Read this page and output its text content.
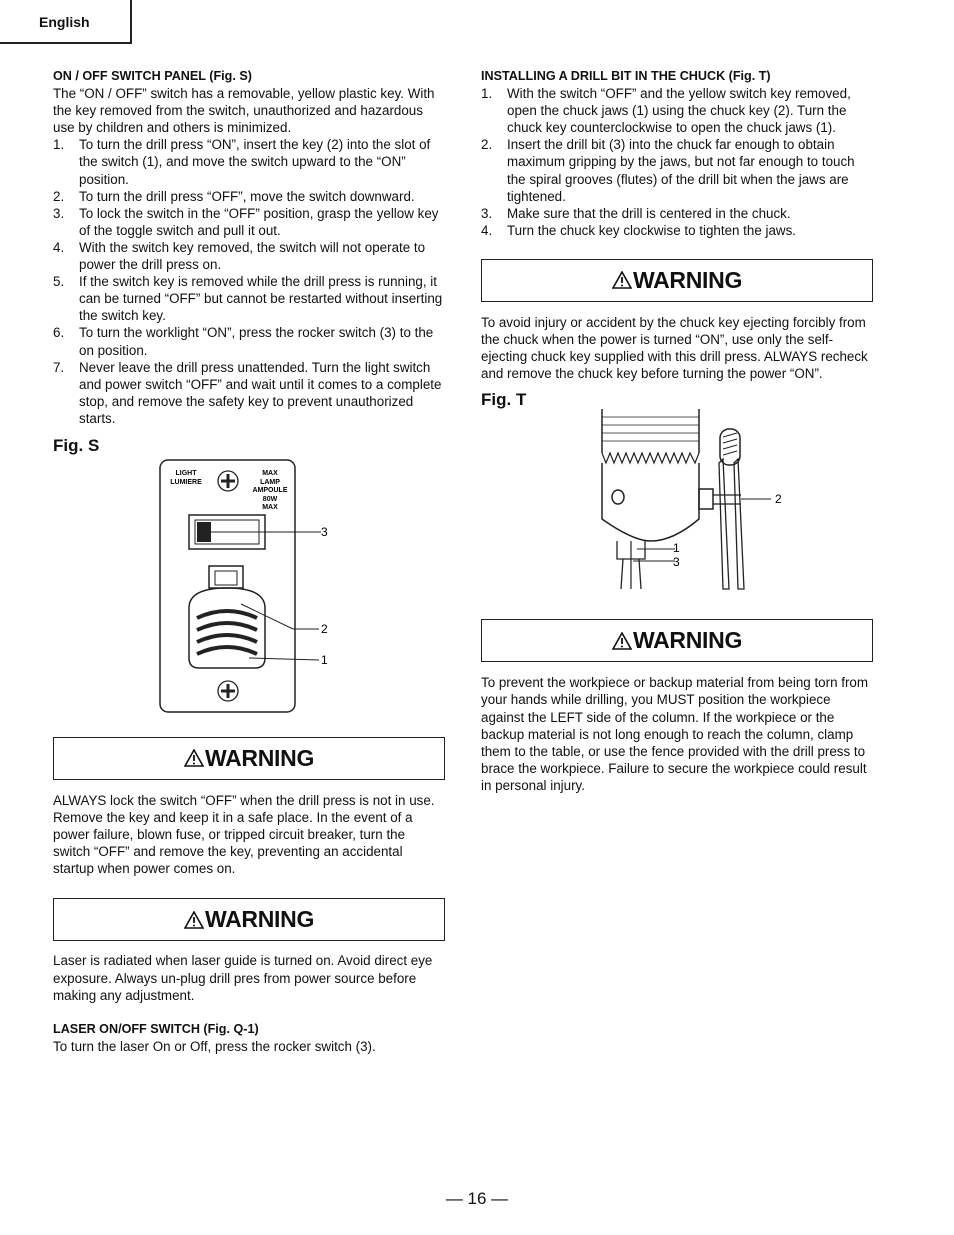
English
ON / OFF SWITCH PANEL (Fig. S)

The “ON / OFF” switch has a removable, yellow plastic key. With the key removed from the switch, unauthorized and hazardous use by children and others is minimized.

1. To turn the drill press “ON”, insert the key (2) into the slot of the switch (1), and move the switch upward to the “ON” position.
2. To turn the drill press “OFF”, move the switch downward.
3. To lock the switch in the “OFF” position, grasp the yellow key of the toggle switch and pull it out.
4. With the switch key removed, the switch will not operate to power the drill press on.
5. If the switch key is removed while the drill press is running, it can be turned “OFF” but cannot be restarted without inserting the switch key.
6. To turn the worklight “ON”, press the rocker switch (3) to the on position.
7. Never leave the drill press unattended. Turn the light switch and power switch “OFF” and wait until it comes to a complete stop, and remove the safety key to prevent unauthorized starts.

Fig. S

LIGHT
LUMIERE
MAX
LAMP
AMPOULE
80W
MAX
3
2
1
WARNING

ALWAYS lock the switch “OFF” when the drill press is not in use. Remove the key and keep it in a safe place. In the event of a power failure, blown fuse, or tripped circuit breaker, turn the switch “OFF” and remove the key, preventing an accidental startup when power comes on.

WARNING

Laser is radiated when laser guide is turned on. Avoid direct eye exposure. Always un-plug drill pres from power source before making any adjustment.

LASER ON/OFF SWITCH (Fig. Q-1)

To turn the laser On or Off, press the rocker switch (3).

INSTALLING A DRILL BIT IN THE CHUCK (Fig. T)
1. With the switch “OFF” and the yellow switch key removed, open the chuck jaws (1) using the chuck key (2). Turn the chuck key counterclockwise to open the chuck jaws (1).
2. Insert the drill bit (3) into the chuck far enough to obtain maximum gripping by the jaws, but not far enough to touch the spiral grooves (flutes) of the drill bit when the jaws are tightened.
3. Make sure that the drill is centered in the chuck.
4. Turn the chuck key clockwise to tighten the jaws.
WARNING

To avoid injury or accident by the chuck key ejecting forcibly from the chuck when the power is turned “ON”, use only the self-ejecting chuck key supplied with this drill press. ALWAYS recheck and remove the chuck key before turning the power “ON”.

Fig. T

2
1
3
WARNING

To prevent the workpiece or backup material from being torn from your hands while drilling, you MUST position the workpiece against the LEFT side of the column. If the workpiece or the backup material is not long enough to reach the column, clamp them to the table, or use the fence provided with the drill press to brace the workpiece. Failure to secure the workpiece could result in personal injury.

— 16 —
